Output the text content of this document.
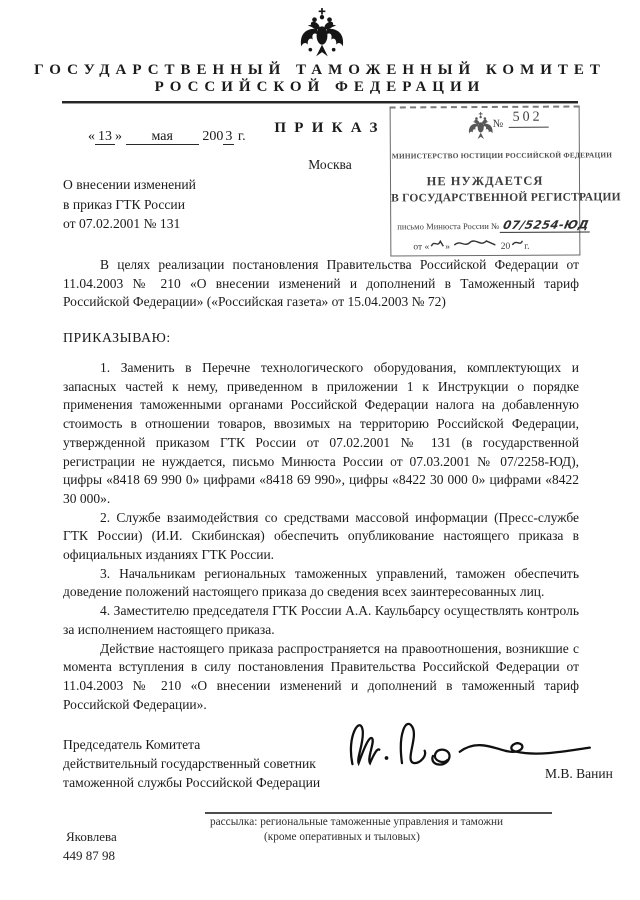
ГОСУДАРСТВЕННЫЙ ТАМОЖЕННЫЙ КОМИТЕТ
РОССИЙСКОЙ ФЕДЕРАЦИИ
ПРИКАЗ
Москва
« 13 » мая 200 3 г.
О внесении изменений
в приказ ГТК России
от 07.02.2001 № 131
№ 502
МИНИСТЕРСТВО ЮСТИЦИИ РОССИЙСКОЙ ФЕДЕРАЦИИ
НЕ НУЖДАЕТСЯ
В ГОСУДАРСТВЕННОЙ РЕГИСТРАЦИИ
письмо Минюста России № 07/5254-ЮД
от « »	20 г.
В целях реализации постановления Правительства Российской Федерации от 11.04.2003 № 210 «О внесении изменений и дополнений в Таможенный тариф Российской Федерации» («Российская газета» от 15.04.2003 № 72)
ПРИКАЗЫВАЮ:

1. Заменить в Перечне технологического оборудования, комплектующих и запасных частей к нему, приведенном в приложении 1 к Инструкции о порядке применения таможенными органами Российской Федерации налога на добавленную стоимость в отношении товаров, ввозимых на территорию Российской Федерации, утвержденной приказом ГТК России от 07.02.2001 № 131 (в государственной регистрации не нуждается, письмо Минюста России от 07.03.2001 № 07/2258-ЮД), цифры «8418 69 990 0» цифрами «8418 69 990», цифры «8422 30 000 0» цифрами «8422 30 000».

2. Службе взаимодействия со средствами массовой информации (Пресс-службе ГТК России) (И.И. Скибинская) обеспечить опубликование настоящего приказа в официальных изданиях ГТК России.

3. Начальникам региональных таможенных управлений, таможен обеспечить доведение положений настоящего приказа до сведения всех заинтересованных лиц.

4. Заместителю председателя ГТК России А.А. Каульбарсу осуществлять контроль за исполнением настоящего приказа.

Действие настоящего приказа распространяется на правоотношения, возникшие с момента вступления в силу постановления Правительства Российской Федерации от 11.04.2003 № 210 «О внесении изменений и дополнений в таможенный тариф Российской Федерации».

Председатель Комитета
действительный государственный советник
таможенной службы Российской Федерации
М.В. Ванин
рассылка: региональные таможенные управления и таможни
(кроме оперативных и тыловых)
Яковлева
449 87 98
